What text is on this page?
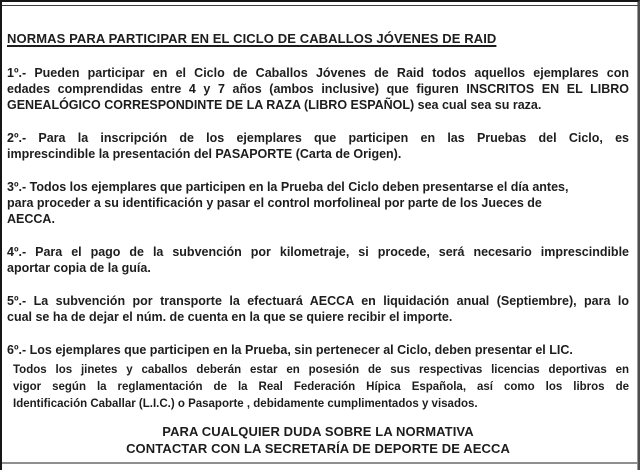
NORMAS PARA PARTICIPAR EN EL CICLO DE CABALLOS JÓVENES DE RAID
1º.- Pueden participar en el Ciclo de Caballos Jóvenes de Raid todos aquellos ejemplares con
edades comprendidas entre 4 y 7 años (ambos inclusive) que figuren INSCRITOS EN EL LIBRO
GENEALÓGICO CORRESPONDINTE DE LA RAZA (LIBRO ESPAÑOL) sea cual sea su raza.
2º.- Para la inscripción de los ejemplares que participen en las Pruebas del Ciclo, es
imprescindible la presentación del PASAPORTE (Carta de Origen).
3º.- Todos los ejemplares que participen en la Prueba del Ciclo deben presentarse el día antes,
para proceder a su identificación y pasar el control morfolineal por parte de los Jueces de
AECCA.
4º.- Para el pago de la subvención por kilometraje, si procede, será necesario imprescindible
aportar copia de la guía.
5º.- La subvención por transporte la efectuará AECCA en liquidación anual (Septiembre), para lo
cual se ha de dejar el núm. de cuenta en la que se quiere recibir el importe.
6º.- Los ejemplares que participen en la Prueba, sin pertenecer al Ciclo, deben presentar el LIC.
Todos los jinetes y caballos deberán estar en posesión de sus respectivas licencias deportivas en
vigor según la reglamentación de la Real Federación Hípica Española, así como los libros de
Identificación Caballar (L.I.C.) o Pasaporte , debidamente cumplimentados y visados.
PARA CUALQUIER DUDA SOBRE LA NORMATIVA
CONTACTAR CON LA SECRETARÍA DE DEPORTE DE AECCA
